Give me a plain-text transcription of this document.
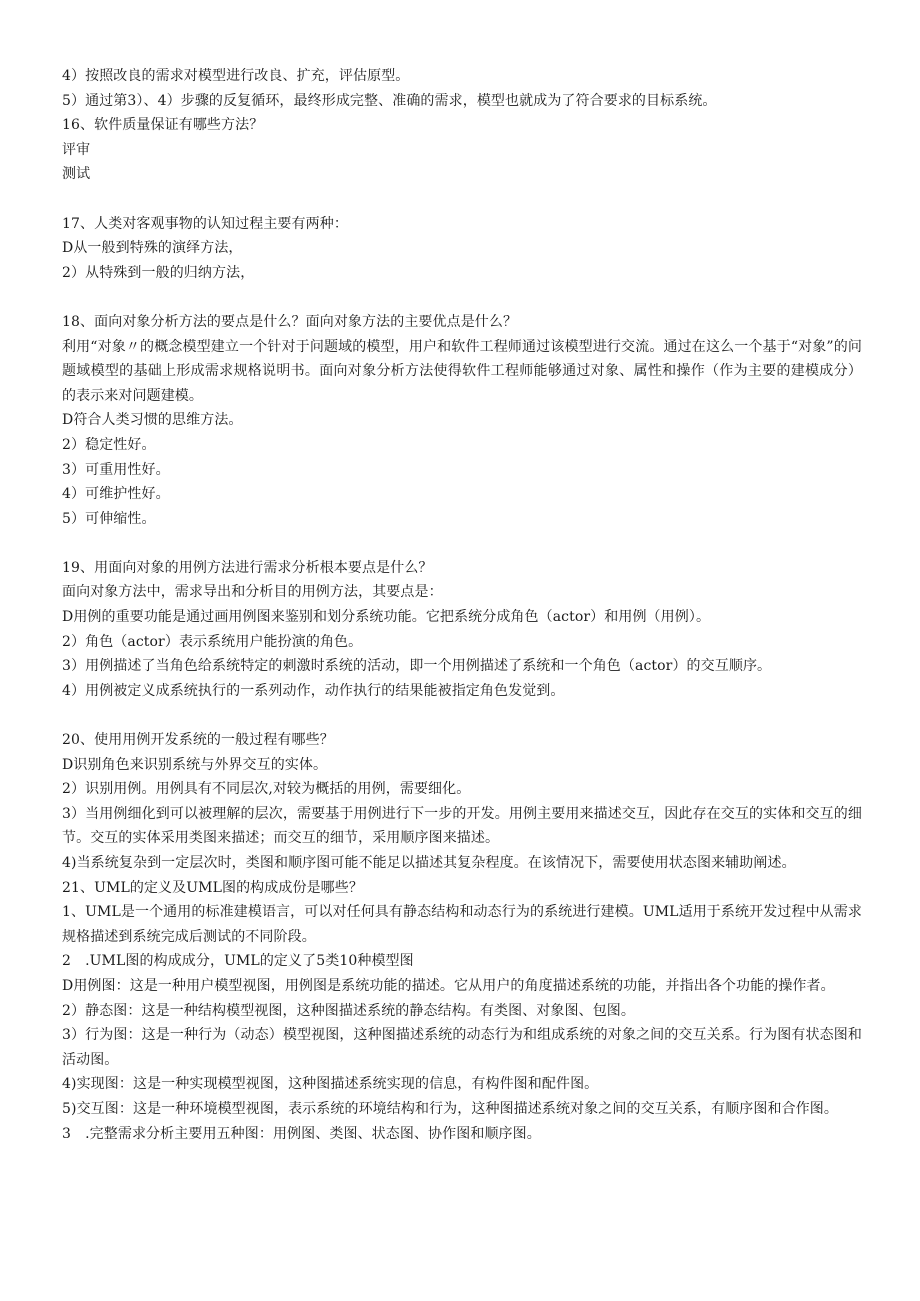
4）按照改良的需求对模型进行改良、扩充，评估原型。

5）通过第3）、4）步骤的反复循环，最终形成完整、准确的需求，模型也就成为了符合要求的目标系统。

16、软件质量保证有哪些方法？

评审

测试

17、人类对客观事物的认知过程主要有两种：

D从一般到特殊的演绎方法，

2）从特殊到一般的归纳方法，

18、面向对象分析方法的要点是什么？面向对象方法的主要优点是什么？

利用“对象〃的概念模型建立一个针对于问题域的模型，用户和软件工程师通过该模型进行交流。通过在这么一个基于“对象”的问题域模型的基础上形成需求规格说明书。面向对象分析方法使得软件工程师能够通过对象、属性和操作（作为主要的建模成分）的表示来对问题建模。

D符合人类习惯的思维方法。

2）稳定性好。

3）可重用性好。

4）可维护性好。

5）可伸缩性。

19、用面向对象的用例方法进行需求分析根本要点是什么？

面向对象方法中，需求导出和分析目的用例方法，其要点是：

D用例的重要功能是通过画用例图来鉴别和划分系统功能。它把系统分成角色（actor）和用例（用例）。

2）角色（actor）表示系统用户能扮演的角色。

3）用例描述了当角色给系统特定的刺激时系统的活动，即一个用例描述了系统和一个角色（actor）的交互顺序。

4）用例被定义成系统执行的一系列动作，动作执行的结果能被指定角色发觉到。

20、使用用例开发系统的一般过程有哪些？

D识别角色来识别系统与外界交互的实体。

2）识别用例。用例具有不同层次,对较为概括的用例，需要细化。

3）当用例细化到可以被理解的层次，需要基于用例进行下一步的开发。用例主要用来描述交互，因此存在交互的实体和交互的细节。交互的实体采用类图来描述；而交互的细节，采用顺序图来描述。

4)当系统复杂到一定层次时，类图和顺序图可能不能足以描述其复杂程度。在该情况下，需要使用状态图来辅助阐述。

21、UML的定义及UML图的构成成份是哪些？

1、UML是一个通用的标准建模语言，可以对任何具有静态结构和动态行为的系统进行建模。UML适用于系统开发过程中从需求规格描述到系统完成后测试的不同阶段。

2　.UML图的构成成分，UML的定义了5类10种模型图

D用例图：这是一种用户模型视图，用例图是系统功能的描述。它从用户的角度描述系统的功能，并指出各个功能的操作者。

2）静态图：这是一种结构模型视图，这种图描述系统的静态结构。有类图、对象图、包图。

3）行为图：这是一种行为（动态）模型视图，这种图描述系统的动态行为和组成系统的对象之间的交互关系。行为图有状态图和活动图。

4)实现图：这是一种实现模型视图，这种图描述系统实现的信息，有构件图和配件图。

5)交互图：这是一种环境模型视图，表示系统的环境结构和行为，这种图描述系统对象之间的交互关系，有顺序图和合作图。

3　.完整需求分析主要用五种图：用例图、类图、状态图、协作图和顺序图。
